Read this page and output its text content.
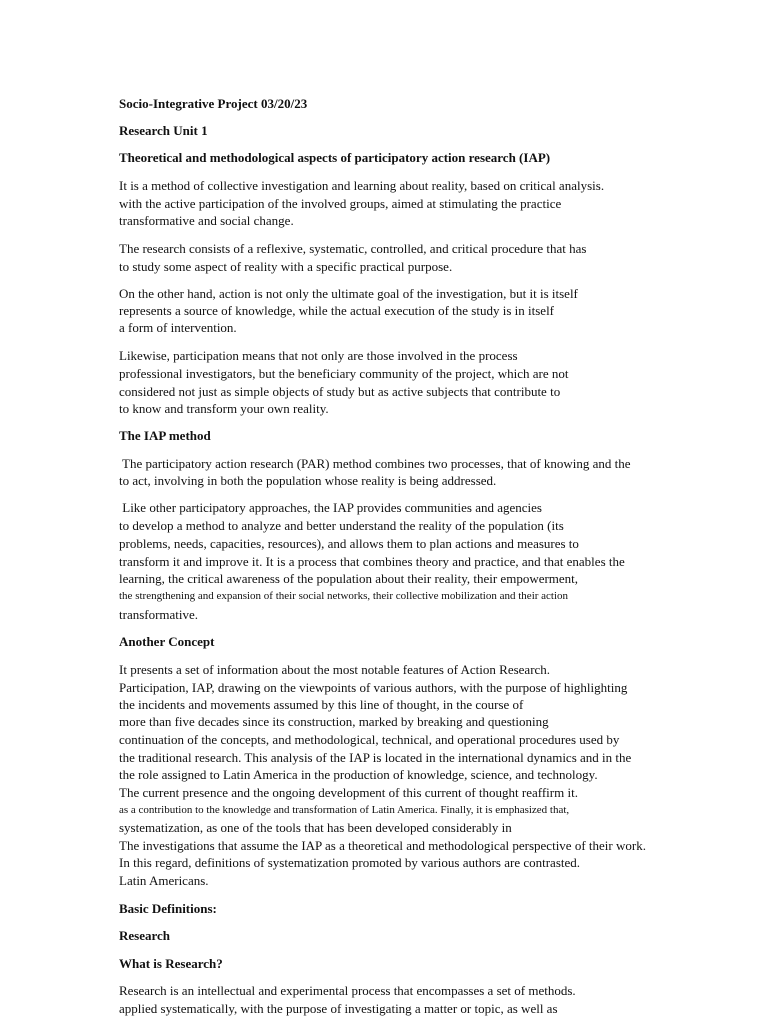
Socio-Integrative Project 03/20/23

Research Unit 1

Theoretical and methodological aspects of participatory action research (IAP)

It is a method of collective investigation and learning about reality, based on critical analysis.

with the active participation of the involved groups, aimed at stimulating the practice

transformative and social change.

The research consists of a reflexive, systematic, controlled, and critical procedure that has

to study some aspect of reality with a specific practical purpose.

On the other hand, action is not only the ultimate goal of the investigation, but it is itself

represents a source of knowledge, while the actual execution of the study is in itself

a form of intervention.

Likewise, participation means that not only are those involved in the process

professional investigators, but the beneficiary community of the project, which are not

considered not just as simple objects of study but as active subjects that contribute to

to know and transform your own reality.

The IAP method

The participatory action research (PAR) method combines two processes, that of knowing and the

to act, involving in both the population whose reality is being addressed.

Like other participatory approaches, the IAP provides communities and agencies

to develop a method to analyze and better understand the reality of the population (its

problems, needs, capacities, resources), and allows them to plan actions and measures to

transform it and improve it. It is a process that combines theory and practice, and that enables the

learning, the critical awareness of the population about their reality, their empowerment,

the strengthening and expansion of their social networks, their collective mobilization and their action

transformative.

Another Concept

It presents a set of information about the most notable features of Action Research.

Participation, IAP, drawing on the viewpoints of various authors, with the purpose of highlighting

the incidents and movements assumed by this line of thought, in the course of

more than five decades since its construction, marked by breaking and questioning

continuation of the concepts, and methodological, technical, and operational procedures used by

the traditional research. This analysis of the IAP is located in the international dynamics and in the

the role assigned to Latin America in the production of knowledge, science, and technology.

The current presence and the ongoing development of this current of thought reaffirm it.

as a contribution to the knowledge and transformation of Latin America. Finally, it is emphasized that,

systematization, as one of the tools that has been developed considerably in

The investigations that assume the IAP as a theoretical and methodological perspective of their work.

In this regard, definitions of systematization promoted by various authors are contrasted.

Latin Americans.

Basic Definitions:

Research

What is Research?

Research is an intellectual and experimental process that encompasses a set of methods.

applied systematically, with the purpose of investigating a matter or topic, as well as
